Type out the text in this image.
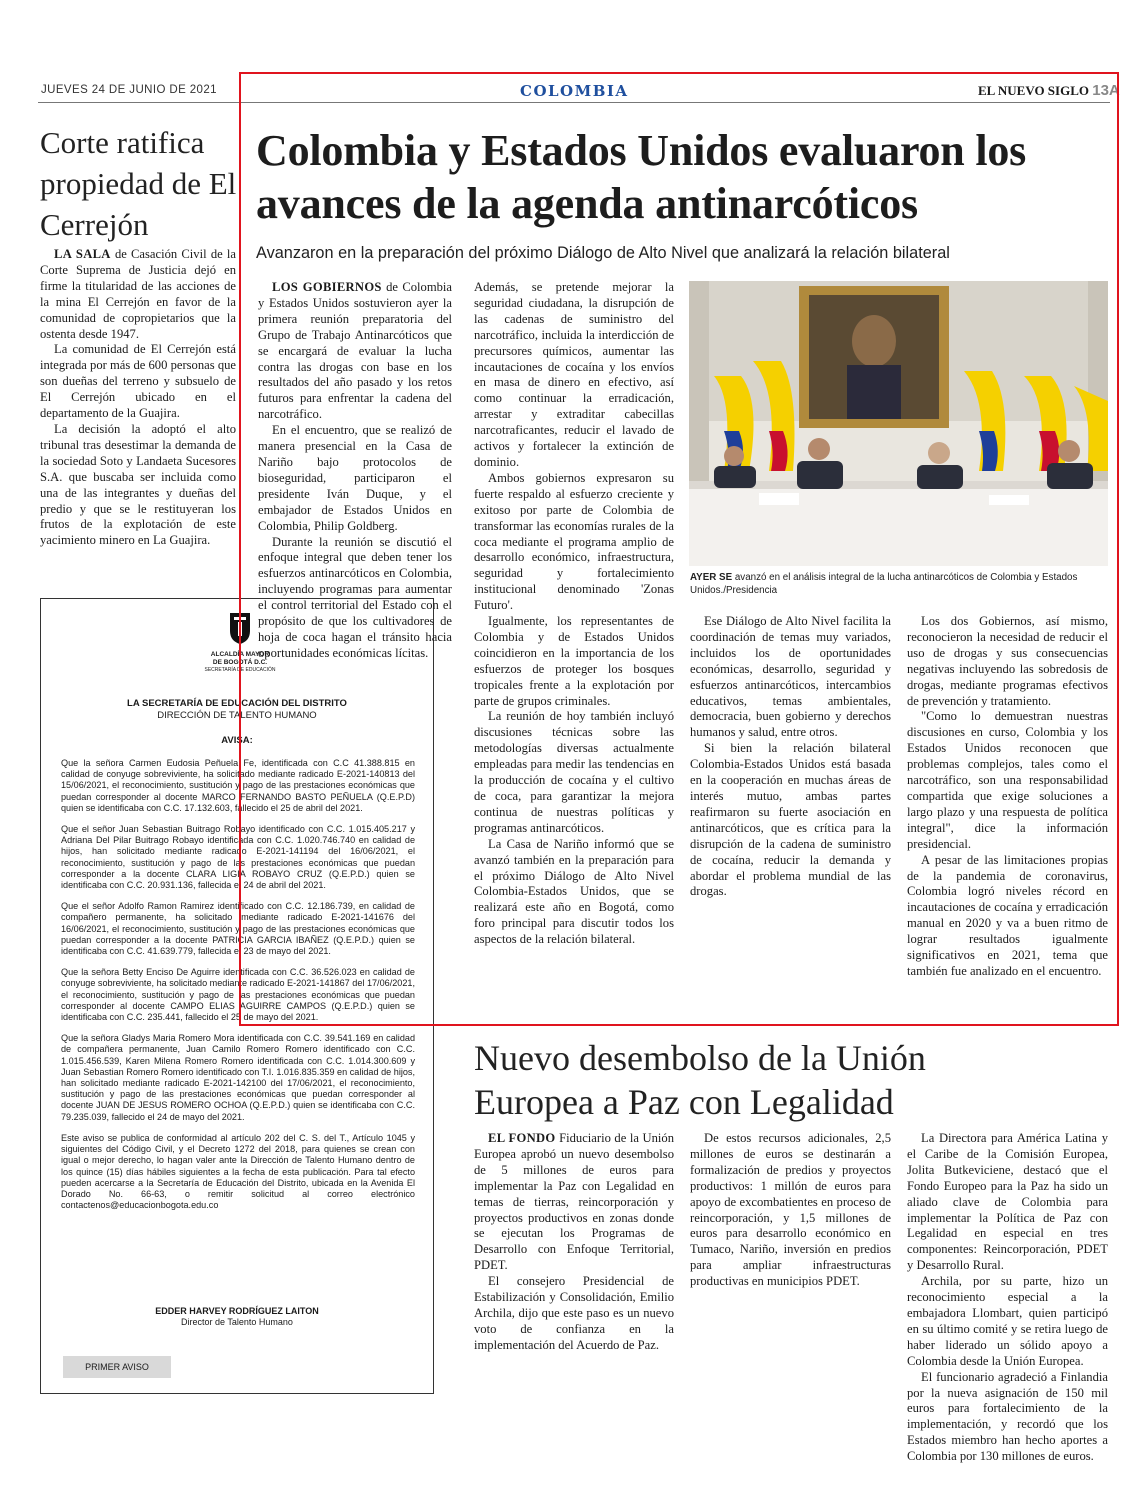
JUEVES 24 DE JUNIO DE 2021	COLOMBIA	EL NUEVO SIGLO 13A
Corte ratifica propiedad de El Cerrejón

LA SALA de Casación Civil de la Corte Suprema de Justicia dejó en firme la titularidad de las acciones de la mina El Cerrejón en favor de la comunidad de copropietarios que la ostenta desde 1947.

La comunidad de El Cerrejón está integrada por más de 600 personas que son dueñas del terreno y subsuelo de El Cerrejón ubicado en el departamento de la Guajira.

La decisión la adoptó el alto tribunal tras desestimar la demanda de la sociedad Soto y Landaeta Sucesores S.A. que buscaba ser incluida como una de las integrantes y dueñas del predio y que se le restituyeran los frutos de la explotación de este yacimiento minero en La Guajira.

ALCALDÍA MAYOR
DE BOGOTÁ D.C.
SECRETARÍA DE EDUCACIÓN
LA SECRETARÍA DE EDUCACIÓN DEL DISTRITO
DIRECCIÓN DE TALENTO HUMANO
AVISA:

Que la señora Carmen Eudosia Peñuela Fe, identificada con C.C 41.388.815 en calidad de conyuge sobreviviente, ha solicitado mediante radicado E-2021-140813 del 15/06/2021, el reconocimiento, sustitución y pago de las prestaciones económicas que puedan corresponder al docente MARCO FERNANDO BASTO PEÑUELA (Q.E.P.D) quien se identificaba con C.C. 17.132.603, fallecido el 25 de abril del 2021.

Que el señor Juan Sebastian Buitrago Robayo identificado con C.C. 1.015.405.217 y Adriana Del Pilar Buitrago Robayo identificada con C.C. 1.020.746.740 en calidad de hijos, han solicitado mediante radicado E-2021-141194 del 16/06/2021, el reconocimiento, sustitución y pago de las prestaciones económicas que puedan corresponder a la docente CLARA LIGIA ROBAYO CRUZ (Q.E.P.D.) quien se identificaba con C.C. 20.931.136, fallecida el 24 de abril del 2021.

Que el señor Adolfo Ramon Ramirez identificado con C.C. 12.186.739, en calidad de compañero permanente, ha solicitado mediante radicado E-2021-141676 del 16/06/2021, el reconocimiento, sustitución y pago de las prestaciones económicas que puedan corresponder a la docente PATRICIA GARCIA IBAÑEZ (Q.E.P.D.) quien se identificaba con C.C. 41.639.779, fallecida el 23 de mayo del 2021.

Que la señora Betty Enciso De Aguirre identificada con C.C. 36.526.023 en calidad de conyuge sobreviviente, ha solicitado mediante radicado E-2021-141867 del 17/06/2021, el reconocimiento, sustitución y pago de las prestaciones económicas que puedan corresponder al docente CAMPO ELIAS AGUIRRE CAMPOS (Q.E.P.D.) quien se identificaba con C.C. 235.441, fallecido el 25 de mayo del 2021.

Que la señora Gladys Maria Romero Mora identificada con C.C. 39.541.169 en calidad de compañera permanente, Juan Camilo Romero Romero identificado con C.C. 1.015.456.539, Karen Milena Romero Romero identificada con C.C. 1.014.300.609 y Juan Sebastian Romero Romero identificado con T.I. 1.016.835.359 en calidad de hijos, han solicitado mediante radicado E-2021-142100 del 17/06/2021, el reconocimiento, sustitución y pago de las prestaciones económicas que puedan corresponder al docente JUAN DE JESUS ROMERO OCHOA (Q.E.P.D.) quien se identificaba con C.C. 79.235.039, fallecido el 24 de mayo del 2021.

Este aviso se publica de conformidad al artículo 202 del C. S. del T., Artículo 1045 y siguientes del Código Civil, y el Decreto 1272 del 2018, para quienes se crean con igual o mejor derecho, lo hagan valer ante la Dirección de Talento Humano dentro de los quince (15) días hábiles siguientes a la fecha de esta publicación. Para tal efecto pueden acercarse a la Secretaría de Educación del Distrito, ubicada en la Avenida El Dorado No. 66-63, o remitir solicitud al correo electrónico contactenos@educacionbogota.edu.co

EDDER HARVEY RODRÍGUEZ LAITON
Director de Talento Humano
PRIMER AVISO
Colombia y Estados Unidos evaluaron los avances de la agenda antinarcóticos
Avanzaron en la preparación del próximo Diálogo de Alto Nivel que analizará la relación bilateral

LOS GOBIERNOS de Colombia y Estados Unidos sostuvieron ayer la primera reunión preparatoria del Grupo de Trabajo Antinarcóticos que se encargará de evaluar la lucha contra las drogas con base en los resultados del año pasado y los retos futuros para enfrentar la cadena del narcotráfico.

En el encuentro, que se realizó de manera presencial en la Casa de Nariño bajo protocolos de bioseguridad, participaron el presidente Iván Duque, y el embajador de Estados Unidos en Colombia, Philip Goldberg.

Durante la reunión se discutió el enfoque integral que deben tener los esfuerzos antinarcóticos en Colombia, incluyendo programas para aumentar el control territorial del Estado con el propósito de que los cultivadores de hoja de coca hagan el tránsito hacia oportunidades económicas lícitas.

Además, se pretende mejorar la seguridad ciudadana, la disrupción de las cadenas de suministro del narcotráfico, incluida la interdicción de precursores químicos, aumentar las incautaciones de cocaína y los envíos en masa de dinero en efectivo, así como continuar la erradicación, arrestar y extraditar cabecillas narcotraficantes, reducir el lavado de activos y fortalecer la extinción de dominio.

Ambos gobiernos expresaron su fuerte respaldo al esfuerzo creciente y exitoso por parte de Colombia de transformar las economías rurales de la coca mediante el programa amplio de desarrollo económico, infraestructura, seguridad y fortalecimiento institucional denominado 'Zonas Futuro'.

Igualmente, los representantes de Colombia y de Estados Unidos coincidieron en la importancia de los esfuerzos de proteger los bosques tropicales frente a la explotación por parte de grupos criminales.

La reunión de hoy también incluyó discusiones técnicas sobre las metodologías diversas actualmente empleadas para medir las tendencias en la producción de cocaína y el cultivo de coca, para garantizar la mejora continua de nuestras políticas y programas antinarcóticos.

La Casa de Nariño informó que se avanzó también en la preparación para el próximo Diálogo de Alto Nivel Colombia-Estados Unidos, que se realizará este año en Bogotá, como foro principal para discutir todos los aspectos de la relación bilateral.

AYER SE avanzó en el análisis integral de la lucha antinarcóticos de Colombia y Estados Unidos./Presidencia

Ese Diálogo de Alto Nivel facilita la coordinación de temas muy variados, incluidos los de oportunidades económicas, desarrollo, seguridad y esfuerzos antinarcóticos, intercambios educativos, temas ambientales, democracia, buen gobierno y derechos humanos y salud, entre otros.

Si bien la relación bilateral Colombia-Estados Unidos está basada en la cooperación en muchas áreas de interés mutuo, ambas partes reafirmaron su fuerte asociación en antinarcóticos, que es crítica para la disrupción de la cadena de suministro de cocaína, reducir la demanda y abordar el problema mundial de las drogas.

Los dos Gobiernos, así mismo, reconocieron la necesidad de reducir el uso de drogas y sus consecuencias negativas incluyendo las sobredosis de drogas, mediante programas efectivos de prevención y tratamiento.

"Como lo demuestran nuestras discusiones en curso, Colombia y los Estados Unidos reconocen que problemas complejos, tales como el narcotráfico, son una responsabilidad compartida que exige soluciones a largo plazo y una respuesta de política integral", dice la información presidencial.

A pesar de las limitaciones propias de la pandemia de coronavirus, Colombia logró niveles récord en incautaciones de cocaína y erradicación manual en 2020 y va a buen ritmo de lograr resultados igualmente significativos en 2021, tema que también fue analizado en el encuentro.

Nuevo desembolso de la Unión Europea a Paz con Legalidad

EL FONDO Fiduciario de la Unión Europea aprobó un nuevo desembolso de 5 millones de euros para implementar la Paz con Legalidad en temas de tierras, reincorporación y proyectos productivos en zonas donde se ejecutan los Programas de Desarrollo con Enfoque Territorial, PDET.

El consejero Presidencial de Estabilización y Consolidación, Emilio Archila, dijo que este paso es un nuevo voto de confianza en la implementación del Acuerdo de Paz.

De estos recursos adicionales, 2,5 millones de euros se destinarán a formalización de predios y proyectos productivos: 1 millón de euros para apoyo de excombatientes en proceso de reincorporación, y 1,5 millones de euros para desarrollo económico en Tumaco, Nariño, inversión en predios para ampliar infraestructuras productivas en municipios PDET.

La Directora para América Latina y el Caribe de la Comisión Europea, Jolita Butkeviciene, destacó que el Fondo Europeo para la Paz ha sido un aliado clave de Colombia para implementar la Política de Paz con Legalidad en especial en tres componentes: Reincorporación, PDET y Desarrollo Rural.

Archila, por su parte, hizo un reconocimiento especial a la embajadora Llombart, quien participó en su último comité y se retira luego de haber liderado un sólido apoyo a Colombia desde la Unión Europea.

El funcionario agradeció a Finlandia por la nueva asignación de 150 mil euros para fortalecimiento de la implementación, y recordó que los Estados miembro han hecho aportes a Colombia por 130 millones de euros.
